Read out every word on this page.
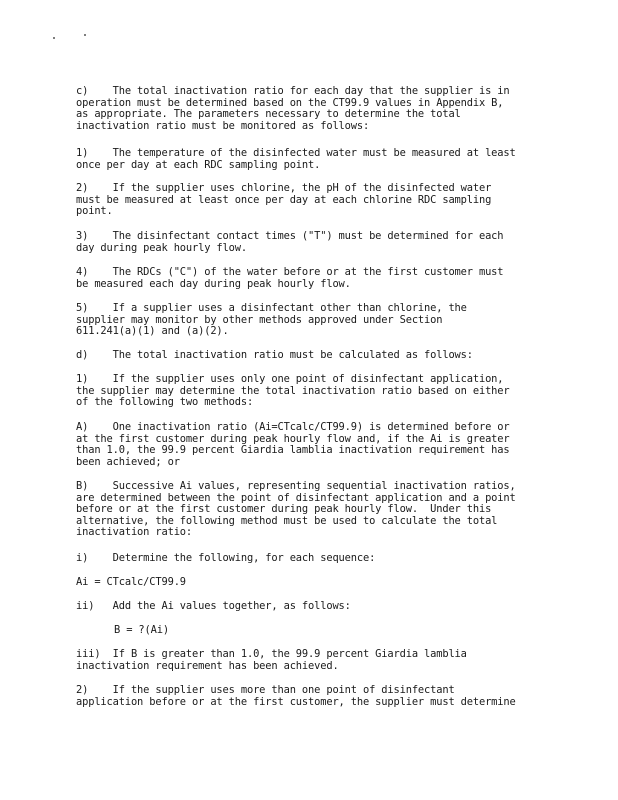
c)    The total inactivation ratio for each day that the supplier is in
operation must be determined based on the CT99.9 values in Appendix B,
as appropriate. The parameters necessary to determine the total
inactivation ratio must be monitored as follows:

1)    The temperature of the disinfected water must be measured at least
once per day at each RDC sampling point.

2)    If the supplier uses chlorine, the pH of the disinfected water
must be measured at least once per day at each chlorine RDC sampling
point.

3)    The disinfectant contact times ("T") must be determined for each
day during peak hourly flow.

4)    The RDCs ("C") of the water before or at the first customer must
be measured each day during peak hourly flow.

5)    If a supplier uses a disinfectant other than chlorine, the
supplier may monitor by other methods approved under Section
611.241(a)(1) and (a)(2).

d)    The total inactivation ratio must be calculated as follows:

1)    If the supplier uses only one point of disinfectant application,
the supplier may determine the total inactivation ratio based on either
of the following two methods:

A)    One inactivation ratio (Ai=CTcalc/CT99.9) is determined before or
at the first customer during peak hourly flow and, if the Ai is greater
than 1.0, the 99.9 percent Giardia lamblia inactivation requirement has
been achieved; or

B)    Successive Ai values, representing sequential inactivation ratios,
are determined between the point of disinfectant application and a point
before or at the first customer during peak hourly flow.  Under this
alternative, the following method must be used to calculate the total
inactivation ratio:

i)    Determine the following, for each sequence:

Ai = CTcalc/CT99.9

ii)   Add the Ai values together, as follows:

B = ?(Ai)

iii)  If B is greater than 1.0, the 99.9 percent Giardia lamblia
inactivation requirement has been achieved.

2)    If the supplier uses more than one point of disinfectant
application before or at the first customer, the supplier must determine
